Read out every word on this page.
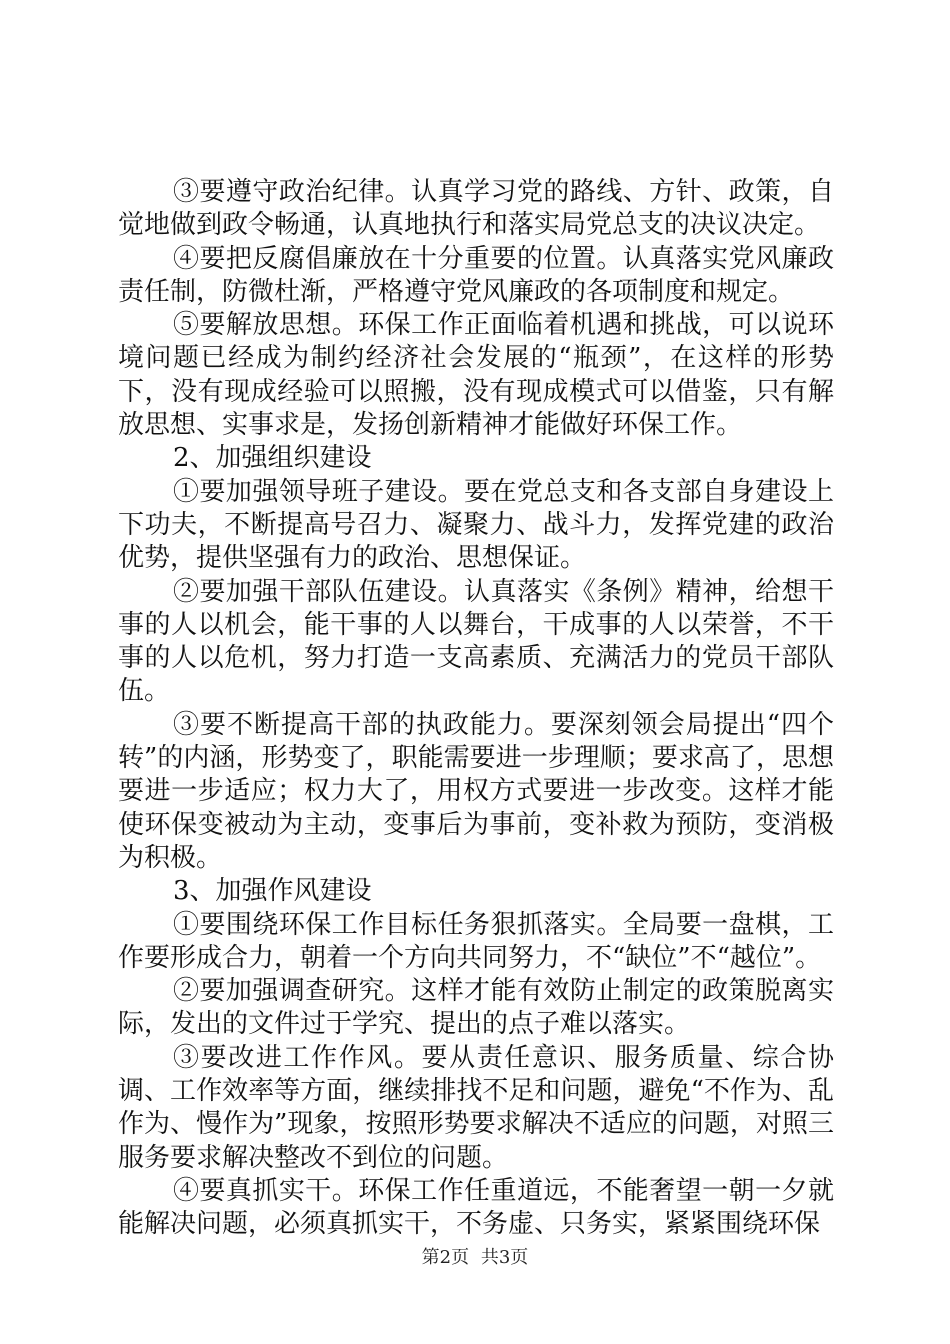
③要遵守政治纪律。认真学习党的路线、方针、政策，自觉地做到政令畅通，认真地执行和落实局党总支的决议决定。

④要把反腐倡廉放在十分重要的位置。认真落实党风廉政责任制，防微杜渐，严格遵守党风廉政的各项制度和规定。

⑤要解放思想。环保工作正面临着机遇和挑战，可以说环境问题已经成为制约经济社会发展的“瓶颈”，在这样的形势下，没有现成经验可以照搬，没有现成模式可以借鉴，只有解放思想、实事求是，发扬创新精神才能做好环保工作。

2、加强组织建设

①要加强领导班子建设。要在党总支和各支部自身建设上下功夫，不断提高号召力、凝聚力、战斗力，发挥党建的政治优势，提供坚强有力的政治、思想保证。

②要加强干部队伍建设。认真落实《条例》精神，给想干事的人以机会，能干事的人以舞台，干成事的人以荣誉，不干事的人以危机，努力打造一支高素质、充满活力的党员干部队伍。

③要不断提高干部的执政能力。要深刻领会局提出“四个转”的内涵，形势变了，职能需要进一步理顺；要求高了，思想要进一步适应；权力大了，用权方式要进一步改变。这样才能使环保变被动为主动，变事后为事前，变补救为预防，变消极为积极。

3、加强作风建设

①要围绕环保工作目标任务狠抓落实。全局要一盘棋，工作要形成合力，朝着一个方向共同努力，不“缺位”不“越位”。

②要加强调查研究。这样才能有效防止制定的政策脱离实际，发出的文件过于学究、提出的点子难以落实。

③要改进工作作风。要从责任意识、服务质量、综合协调、工作效率等方面，继续排找不足和问题，避免“不作为、乱作为、慢作为”现象，按照形势要求解决不适应的问题，对照三服务要求解决整改不到位的问题。

④要真抓实干。环保工作任重道远，不能奢望一朝一夕就能解决问题，必须真抓实干，不务虚、只务实，紧紧围绕环保

第2页 共3页
